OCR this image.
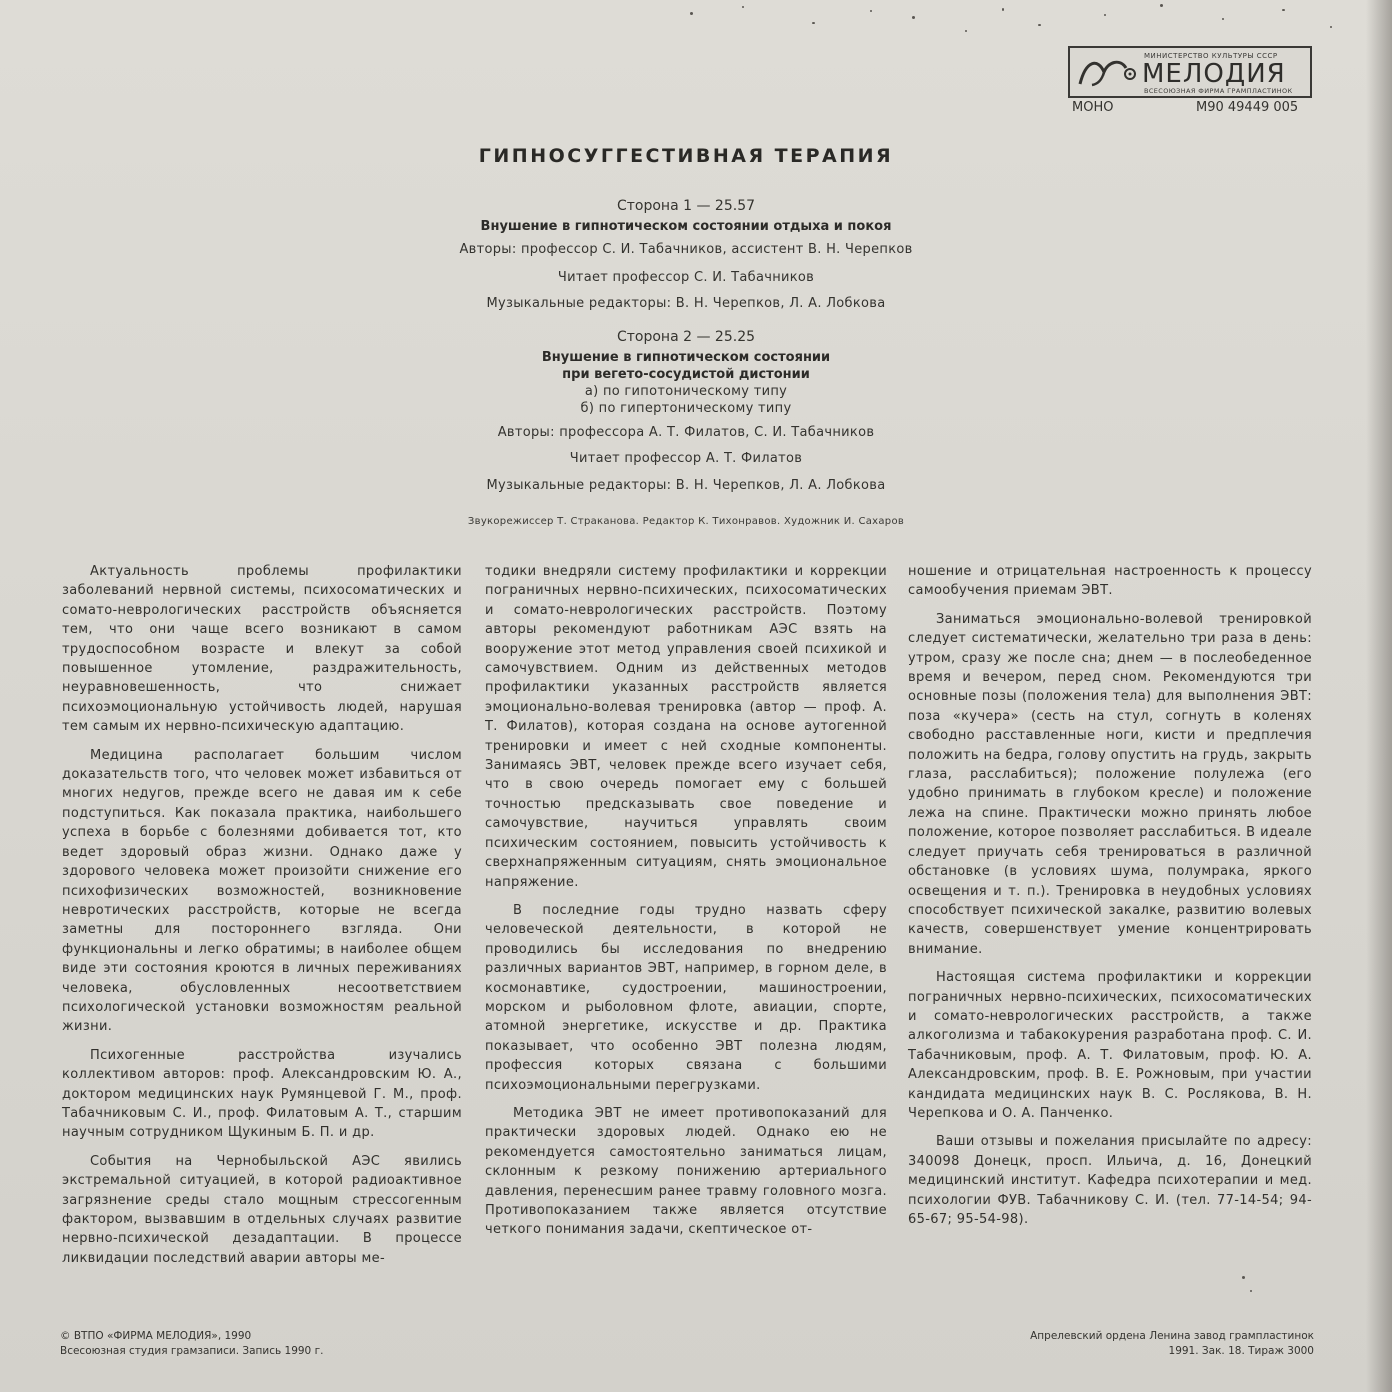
МИНИСТЕРСТВО КУЛЬТУРЫ СССР
МЕЛОДИЯ
ВСЕСОЮЗНАЯ ФИРМА ГРАМПЛАСТИНОК
МОНО	М90 49449 005
ГИПНОСУГГЕСТИВНАЯ ТЕРАПИЯ
Сторона 1 — 25.57
Внушение в гипнотическом состоянии отдыха и покоя
Авторы: профессор С. И. Табачников, ассистент В. Н. Черепков
Читает профессор С. И. Табачников
Музыкальные редакторы: В. Н. Черепков, Л. А. Лобкова
Сторона 2 — 25.25
Внушение в гипнотическом состоянии
при вегето-сосудистой дистонии
а) по гипотоническому типу
б) по гипертоническому типу
Авторы: профессора А. Т. Филатов, С. И. Табачников
Читает профессор А. Т. Филатов
Музыкальные редакторы: В. Н. Черепков, Л. А. Лобкова
Звукорежиссер Т. Страканова. Редактор К. Тихонравов. Художник И. Сахаров

Актуальность проблемы профилактики заболеваний нервной системы, психосоматических и сомато-неврологических расстройств объясняется тем, что они чаще всего возникают в самом трудоспособном возрасте и влекут за собой повышенное утомление, раздражительность, неуравновешенность, что снижает психоэмоциональную устойчивость людей, нарушая тем самым их нервно-психическую адаптацию.

Медицина располагает большим числом доказательств того, что человек может избавиться от многих недугов, прежде всего не давая им к себе подступиться. Как показала практика, наибольшего успеха в борьбе с болезнями добивается тот, кто ведет здоровый образ жизни. Однако даже у здорового человека может произойти снижение его психофизических возможностей, возникновение невротических расстройств, которые не всегда заметны для постороннего взгляда. Они функциональны и легко обратимы; в наиболее общем виде эти состояния кроются в личных переживаниях человека, обусловленных несоответствием психологической установки возможностям реальной жизни.

Психогенные расстройства изучались коллективом авторов: проф. Александровским Ю. А., доктором медицинских наук Румянцевой Г. М., проф. Табачниковым С. И., проф. Филатовым А. Т., старшим научным сотрудником Щукиным Б. П. и др.

События на Чернобыльской АЭС явились экстремальной ситуацией, в которой радиоактивное загрязнение среды стало мощным стрессогенным фактором, вызвавшим в отдельных случаях развитие нервно-психической дезадаптации. В процессе ликвидации последствий аварии авторы ме-

тодики внедряли систему профилактики и коррекции пограничных нервно-психических, психосоматических и сомато-неврологических расстройств. Поэтому авторы рекомендуют работникам АЭС взять на вооружение этот метод управления своей психикой и самочувствием. Одним из действенных методов профилактики указанных расстройств является эмоционально-волевая тренировка (автор — проф. А. Т. Филатов), которая создана на основе аутогенной тренировки и имеет с ней сходные компоненты. Занимаясь ЭВТ, человек прежде всего изучает себя, что в свою очередь помогает ему с большей точностью предсказывать свое поведение и самочувствие, научиться управлять своим психическим состоянием, повысить устойчивость к сверхнапряженным ситуациям, снять эмоциональное напряжение.

В последние годы трудно назвать сферу человеческой деятельности, в которой не проводились бы исследования по внедрению различных вариантов ЭВТ, например, в горном деле, в космонавтике, судостроении, машиностроении, морском и рыболовном флоте, авиации, спорте, атомной энергетике, искусстве и др. Практика показывает, что особенно ЭВТ полезна людям, профессия которых связана с большими психоэмоциональными перегрузками.

Методика ЭВТ не имеет противопоказаний для практически здоровых людей. Однако ею не рекомендуется самостоятельно заниматься лицам, склонным к резкому понижению артериального давления, перенесшим ранее травму головного мозга. Противопоказанием также является отсутствие четкого понимания задачи, скептическое от-

ношение и отрицательная настроенность к процессу самообучения приемам ЭВТ.

Заниматься эмоционально-волевой тренировкой следует систематически, желательно три раза в день: утром, сразу же после сна; днем — в послеобеденное время и вечером, перед сном. Рекомендуются три основные позы (положения тела) для выполнения ЭВТ: поза «кучера» (сесть на стул, согнуть в коленях свободно расставленные ноги, кисти и предплечия положить на бедра, голову опустить на грудь, закрыть глаза, расслабиться); положение полулежа (его удобно принимать в глубоком кресле) и положение лежа на спине. Практически можно принять любое положение, которое позволяет расслабиться. В идеале следует приучать себя тренироваться в различной обстановке (в условиях шума, полумрака, яркого освещения и т. п.). Тренировка в неудобных условиях способствует психической закалке, развитию волевых качеств, совершенствует умение концентрировать внимание.

Настоящая система профилактики и коррекции пограничных нервно-психических, психосоматических и сомато-неврологических расстройств, а также алкоголизма и табакокурения разработана проф. С. И. Табачниковым, проф. А. Т. Филатовым, проф. Ю. А. Александровским, проф. В. Е. Рожновым, при участии кандидата медицинских наук В. С. Рослякова, В. Н. Черепкова и О. А. Панченко.

Ваши отзывы и пожелания присылайте по адресу: 340098 Донецк, просп. Ильича, д. 16, Донецкий медицинский институт. Кафедра психотерапии и мед. психологии ФУВ. Табачникову С. И. (тел. 77-14-54; 94-65-67; 95-54-98).

© ВТПО «ФИРМА МЕЛОДИЯ», 1990
Всесоюзная студия грамзаписи. Запись 1990 г.
Апрелевский ордена Ленина завод грампластинок
1991. Зак. 18. Тираж 3000
